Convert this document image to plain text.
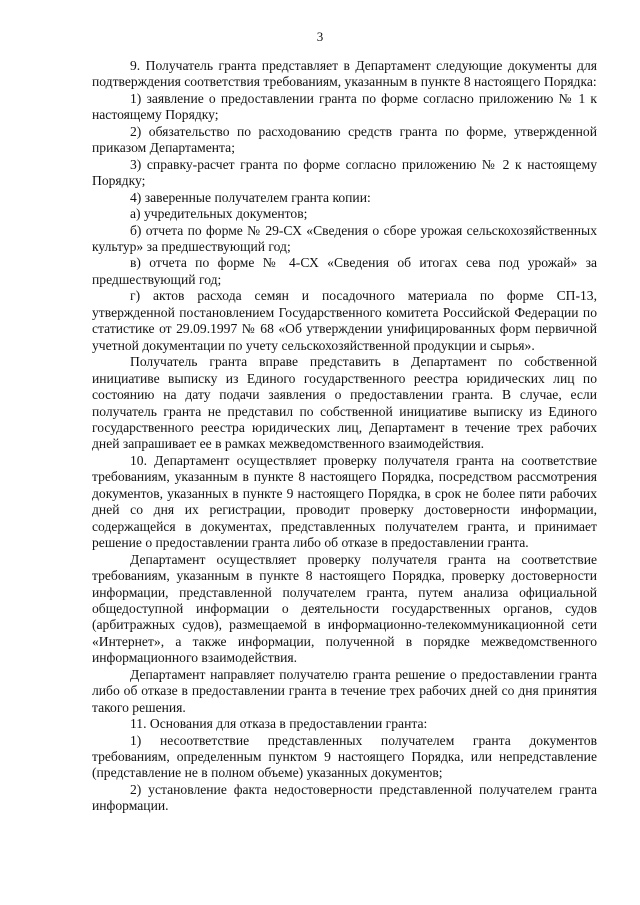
3

9. Получатель гранта представляет в Департамент следующие документы для подтверждения соответствия требованиям, указанным в пункте 8 настоящего Порядка:

1) заявление о предоставлении гранта по форме согласно приложению № 1 к настоящему Порядку;

2) обязательство по расходованию средств гранта по форме, утвержденной приказом Департамента;

3) справку-расчет гранта по форме согласно приложению № 2 к настоящему Порядку;

4) заверенные получателем гранта копии:

а) учредительных документов;

б) отчета по форме № 29-СХ «Сведения о сборе урожая сельскохозяйственных культур» за предшествующий год;

в) отчета по форме № 4-СХ «Сведения об итогах сева под урожай» за предшествующий год;

г) актов расхода семян и посадочного материала по форме СП-13, утвержденной постановлением Государственного комитета Российской Федерации по статистике от 29.09.1997 № 68 «Об утверждении унифицированных форм первичной учетной документации по учету сельскохозяйственной продукции и сырья».

Получатель гранта вправе представить в Департамент по собственной инициативе выписку из Единого государственного реестра юридических лиц по состоянию на дату подачи заявления о предоставлении гранта. В случае, если получатель гранта не представил по собственной инициативе выписку из Единого государственного реестра юридических лиц, Департамент в течение трех рабочих дней запрашивает ее в рамках межведомственного взаимодействия.

10. Департамент осуществляет проверку получателя гранта на соответствие требованиям, указанным в пункте 8 настоящего Порядка, посредством рассмотрения документов, указанных в пункте 9 настоящего Порядка, в срок не более пяти рабочих дней со дня их регистрации, проводит проверку достоверности информации, содержащейся в документах, представленных получателем гранта, и принимает решение о предоставлении гранта либо об отказе в предоставлении гранта.

Департамент осуществляет проверку получателя гранта на соответствие требованиям, указанным в пункте 8 настоящего Порядка, проверку достоверности информации, представленной получателем гранта, путем анализа официальной общедоступной информации о деятельности государственных органов, судов (арбитражных судов), размещаемой в информационно-телекоммуникационной сети «Интернет», а также информации, полученной в порядке межведомственного информационного взаимодействия.

Департамент направляет получателю гранта решение о предоставлении гранта либо об отказе в предоставлении гранта в течение трех рабочих дней со дня принятия такого решения.

11. Основания для отказа в предоставлении гранта:

1) несоответствие представленных получателем гранта документов требованиям, определенным пунктом 9 настоящего Порядка, или непредставление (представление не в полном объеме) указанных документов;

2) установление факта недостоверности представленной получателем гранта информации.
